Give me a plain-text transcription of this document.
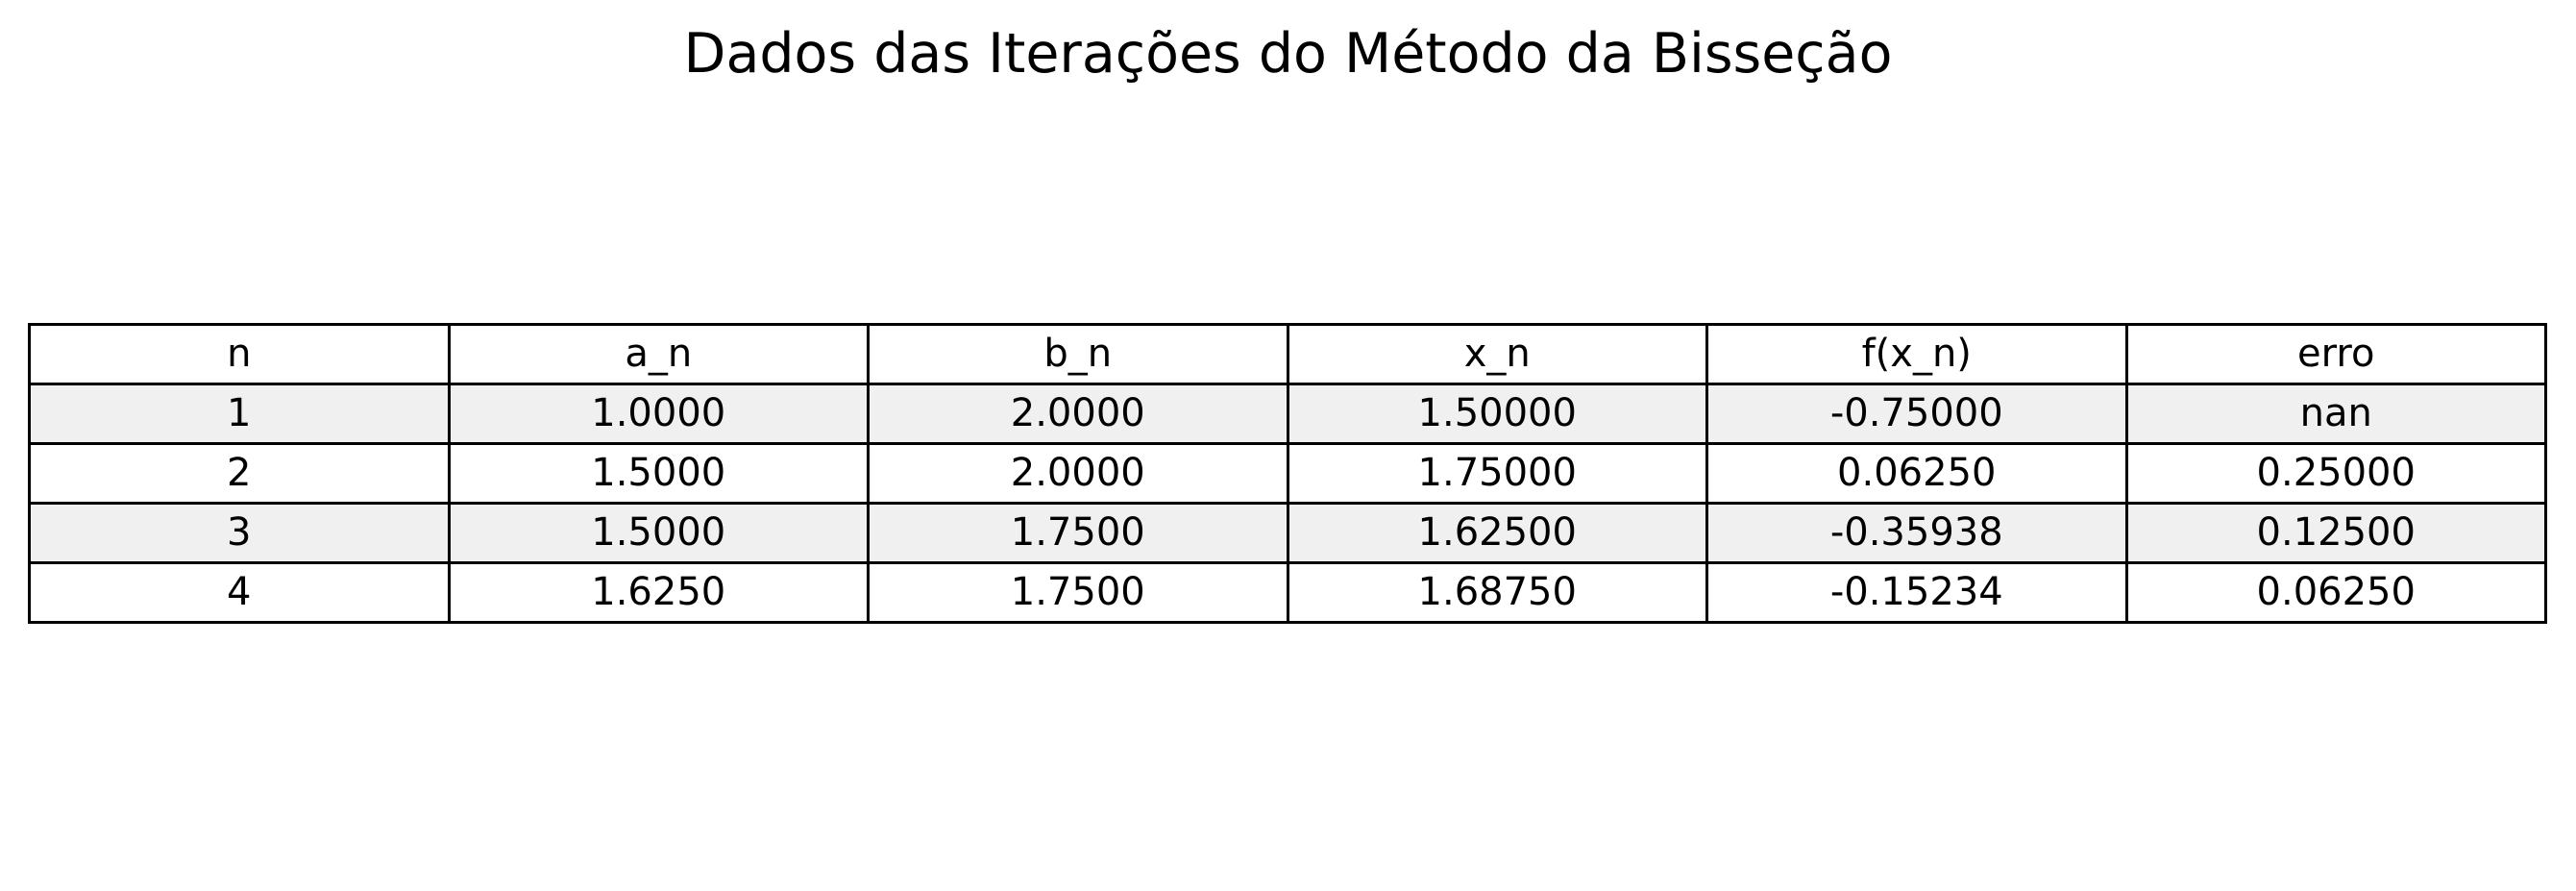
Dados das Iterações do Método da Bisseção
n	a_n	b_n	x_n	f(x_n)	erro
1	1.0000	2.0000	1.50000	-0.75000	nan
2	1.5000	2.0000	1.75000	0.06250	0.25000
3	1.5000	1.7500	1.62500	-0.35938	0.12500
4	1.6250	1.7500	1.68750	-0.15234	0.06250
